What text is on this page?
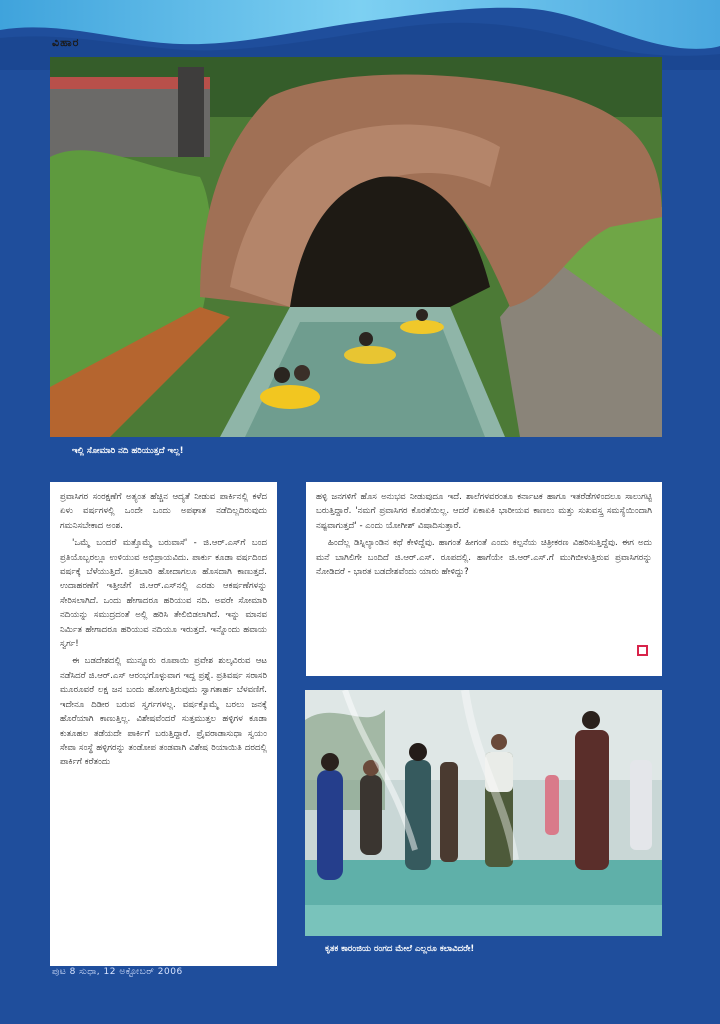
ವಿಹಾರ
ಇಲ್ಲಿ ಸೋಮಾರಿ ನದಿ ಹರಿಯುತ್ತದೆ ಇಲ್ಲ!

ಪ್ರವಾಸಿಗರ ಸಂರಕ್ಷಣೆಗೆ ಅತ್ಯಂತ ಹೆಚ್ಚಿನ ಆದ್ಯತೆ ನೀಡುವ ಪಾರ್ಕಿನಲ್ಲಿ ಕಳೆದ ಏಳು ವರ್ಷಗಳಲ್ಲಿ ಒಂದೇ ಒಂದು ಅಪಘಾತ ನಡೆದಿಲ್ಲದಿರುವುದು ಗಮನಿಸಬೇಕಾದ ಅಂಶ.

'ಒಮ್ಮೆ ಬಂದರೆ ಮತ್ತೊಮ್ಮೆ ಬರುವಾಸೆ' - ಜಿ.ಆರ್.ಎಸ್‌ಗೆ ಬಂದ ಪ್ರತಿಯೊಬ್ಬರಲ್ಲೂ ಉಳಿಯುವ ಅಭಿಪ್ರಾಯವಿದು. ಪಾರ್ಕು ಕೂಡಾ ವರ್ಷದಿಂದ ವರ್ಷಕ್ಕೆ ಬೆಳೆಯುತ್ತಿದೆ. ಪ್ರತಿಬಾರಿ ಹೋದಾಗಲೂ ಹೊಸದಾಗಿ ಕಾಣುತ್ತದೆ. ಉದಾಹರಣೆಗೆ ಇತ್ತೀಚೆಗೆ ಜಿ.ಆರ್.ಎಸ್‌ನಲ್ಲಿ ಎರಡು ಆಕರ್ಷಣೆಗಳನ್ನು ಸೇರಿಸಲಾಗಿದೆ. ಒಂದು ಹೇಗಾದರೂ ಹರಿಯುವ ನದಿ. ಅವರೇ ಸೋಮಾರಿ ನದಿಯನ್ನು ಸಮುದ್ರದಂತೆ ಅಲ್ಲಿ ಹರಿಸಿ ತೇಲಿಬಿಡಲಾಗಿದೆ. ಇನ್ನು ಮಾನವ ನಿರ್ಮಿತ ಹೇಗಾದರೂ ಹರಿಯುವ ನದಿಯೂ ಇರುತ್ತದೆ. ಇನ್ನೊಂದು ಹವಾಯ ಸ್ವರ್ಗ!

ಈ ಬಡದೇಶದಲ್ಲಿ ಮುನ್ನೂರು ರೂಪಾಯಿ ಪ್ರವೇಶ ಶುಲ್ಕವಿರುವ ಆಟ ನಡೆಸಿದರೆ ಜಿ.ಆರ್.ಎಸ್ ಆರಂಭಗೊಳ್ಳುವಾಗ ಇದ್ದ ಪ್ರಶ್ನೆ. ಪ್ರತಿವರ್ಷ ಸರಾಸರಿ ಮೂರೂವರೆ ಲಕ್ಷ ಜನ ಬಂದು ಹೋಗುತ್ತಿರುವುದು ಸ್ವಾಗತಾರ್ಹ ಬೆಳವಣಿಗೆ. ಇದೇನೂ ದಿಡೀರ ಬರುವ ಸ್ವರ್ಗಗಳಲ್ಲ. ವರ್ಷಕ್ಕೊಮ್ಮೆ ಬರಲು ಜನಕ್ಕೆ ಹೊರೆಯಾಗಿ ಕಾಣುತ್ತಿಲ್ಲ. ವಿಶೇಷವೆಂದರೆ ಸುತ್ತಮುತ್ತಲ ಹಳ್ಳಿಗಳ ಕೂಡಾ ಕುತೂಹಲ ತಡೆಯದೇ ಪಾರ್ಕಿಗೆ ಬರುತ್ತಿದ್ದಾರೆ. ಪ್ರೈವರಾಡಾಸುಧಾ ಸ್ವಯಂ ಸೇವಾ ಸಂಸ್ಥೆ ಹಳ್ಳಿಗರನ್ನು ತಂಡೋಪ ತಂಡವಾಗಿ ವಿಶೇಷ ರಿಯಾಯಿತಿ ದರದಲ್ಲಿ ಪಾರ್ಕಿಗೆ ಕರೆತಂದು

ಹಳ್ಳಿ ಜನಗಳಿಗೆ ಹೊಸ ಅನುಭವ ನೀಡುವುದೂ ಇದೆ. ಶಾಲೆಗಳವರಂತೂ ಕರ್ನಾಟಕ ಹಾಗೂ ಇತರೆಡೆಗಳಿಂದಲೂ ಸಾಲುಗಟ್ಟಿ ಬರುತ್ತಿದ್ದಾರೆ. 'ನಮಗೆ ಪ್ರವಾಸಿಗರ ಕೊರತೆಯಿಲ್ಲ. ಆದರೆ ಏಕಾಏಕಿ ಭಾರೀಯವ ಕಾಣಲು ಮತ್ತು ಸುಖವಸ್ತ್ರ ಸಮಸ್ಯೆಯಿಂದಾಗಿ ನಷ್ಟವಾಗುತ್ತದೆ' - ಎಂದು ಯೋಗೀಶ್ ವಿಷಾದಿಸುತ್ತಾರೆ.

ಹಿಂದೆಲ್ಲ ಡಿಸ್ನಿಲ್ಯಾಂಡಿನ ಕಥೆ ಕೇಳಿದ್ದೆವು. ಹಾಗಂತೆ ಹೀಗಂತೆ ಎಂದು ಕಲ್ಪನೆಯ ಚಿತ್ರೀಕರಣ ವಿಹರಿಸುತ್ತಿದ್ದೆವು. ಈಗ ಅದು ಮನೆ ಬಾಗಿಲಿಗೇ ಬಂದಿದೆ ಜಿ.ಆರ್.ಎಸ್. ರೂಪದಲ್ಲಿ. ಹಾಗೆಯೇ ಜಿ.ಆರ್.ಎಸ್.ಗೆ ಮುಗಿಬೀಳುತ್ತಿರುವ ಪ್ರವಾಸಿಗರನ್ನು ನೋಡಿದರೆ - ಭಾರತ ಬಡದೇಶವೆಂದು ಯಾರು ಹೇಳಿದ್ದು?

ಕೃತಕ ಕಾರಂಜಿಯ ರಂಗದ ಮೇಲೆ ಎಲ್ಲರೂ ಕಲಾವಿದರೇ!
ಪುಟ 8 ಸುಧಾ, 12 ಅಕ್ಟೋಬರ್ 2006
